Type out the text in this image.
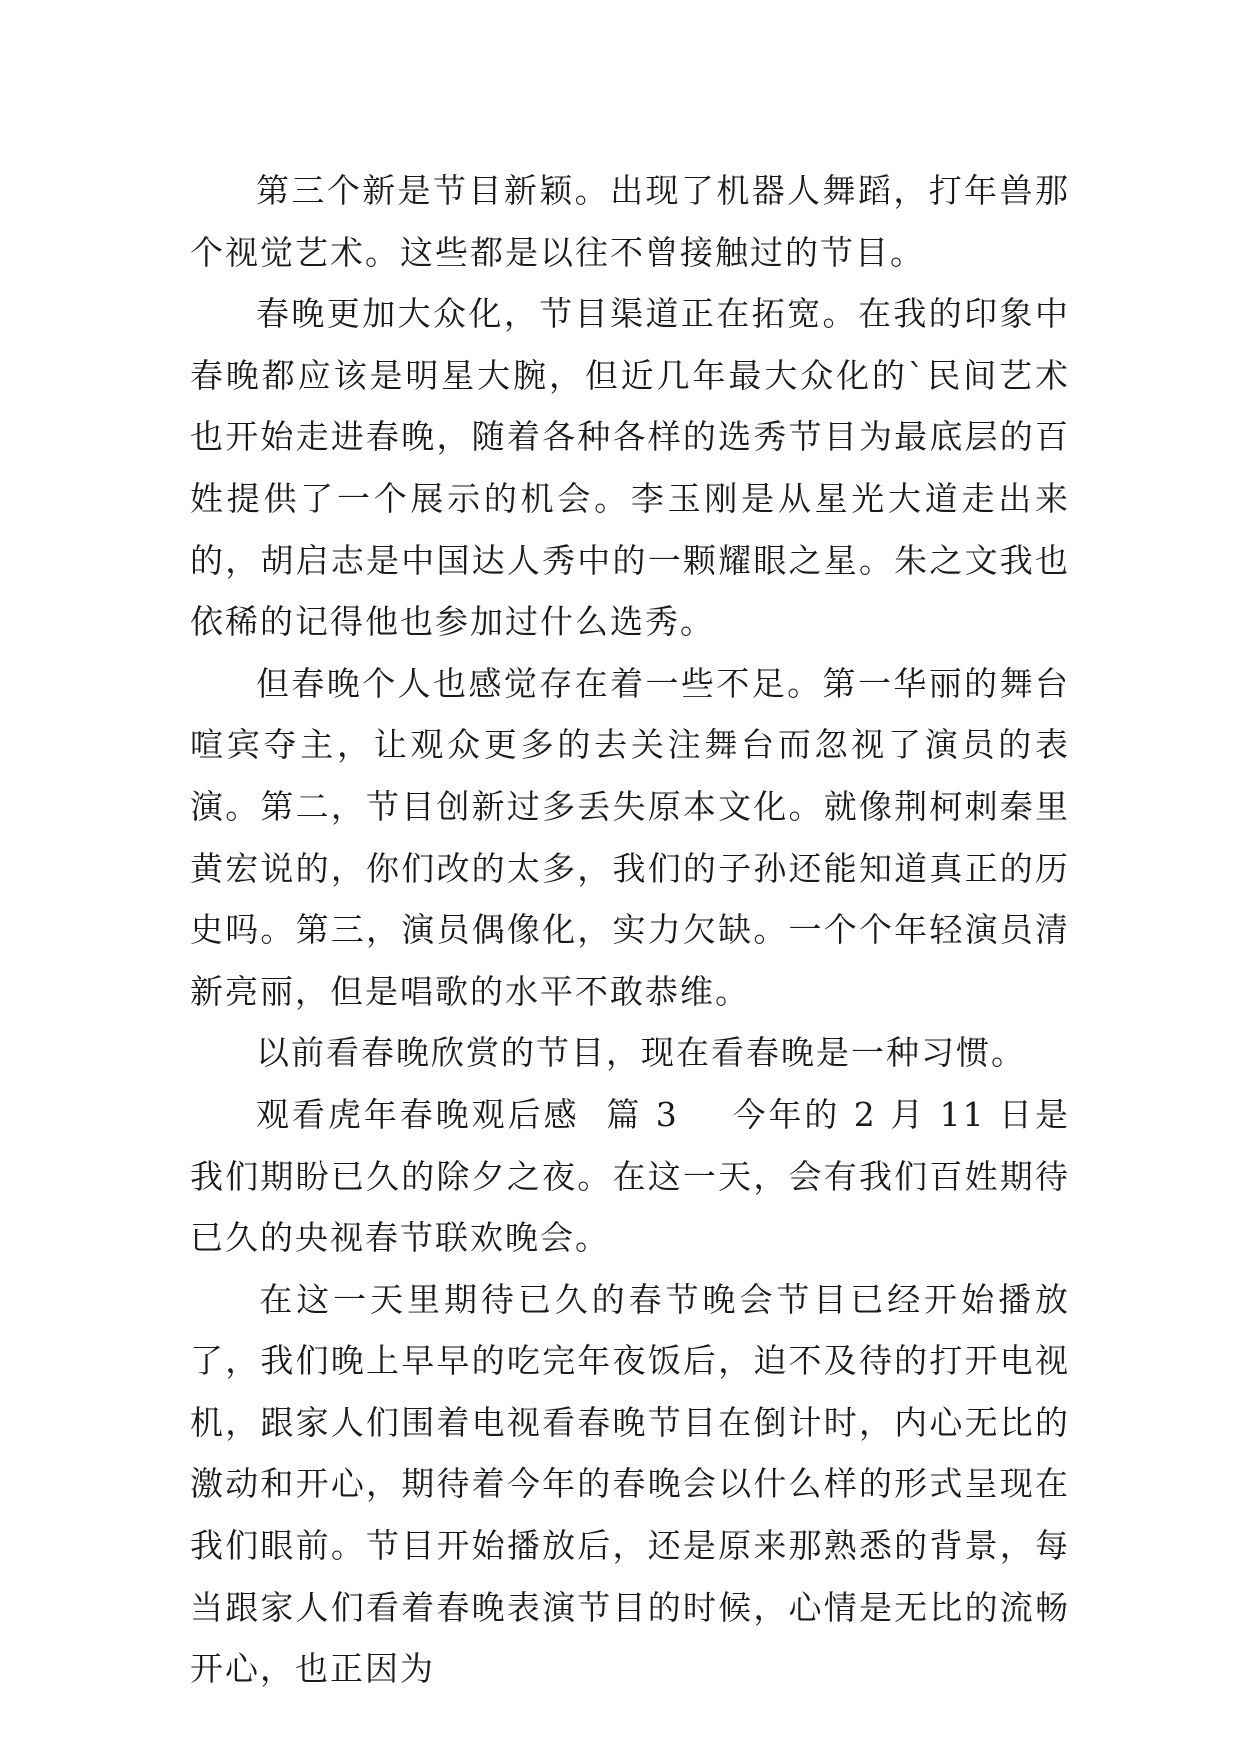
第三个新是节目新颖。出现了机器人舞蹈，打年兽那个视觉艺术。这些都是以往不曾接触过的节目。

春晚更加大众化，节目渠道正在拓宽。在我的印象中春晚都应该是明星大腕，但近几年最大众化的`民间艺术也开始走进春晚，随着各种各样的选秀节目为最底层的百姓提供了一个展示的机会。李玉刚是从星光大道走出来的，胡启志是中国达人秀中的一颗耀眼之星。朱之文我也依稀的记得他也参加过什么选秀。

但春晚个人也感觉存在着一些不足。第一华丽的舞台喧宾夺主，让观众更多的去关注舞台而忽视了演员的表演。第二，节目创新过多丢失原本文化。就像荆柯刺秦里黄宏说的，你们改的太多，我们的子孙还能知道真正的历史吗。第三，演员偶像化，实力欠缺。一个个年轻演员清新亮丽，但是唱歌的水平不敢恭维。

以前看春晚欣赏的节目，现在看春晚是一种习惯。

观看虎年春晚观后感  篇 3    今年的 2 月 11 日是我们期盼已久的除夕之夜。在这一天，会有我们百姓期待已久的央视春节联欢晚会。

在这一天里期待已久的春节晚会节目已经开始播放了，我们晚上早早的吃完年夜饭后，迫不及待的打开电视机，跟家人们围着电视看春晚节目在倒计时，内心无比的激动和开心，期待着今年的春晚会以什么样的形式呈现在我们眼前。节目开始播放后，还是原来那熟悉的背景，每当跟家人们看着春晚表演节目的时候，心情是无比的流畅开心，也正因为
